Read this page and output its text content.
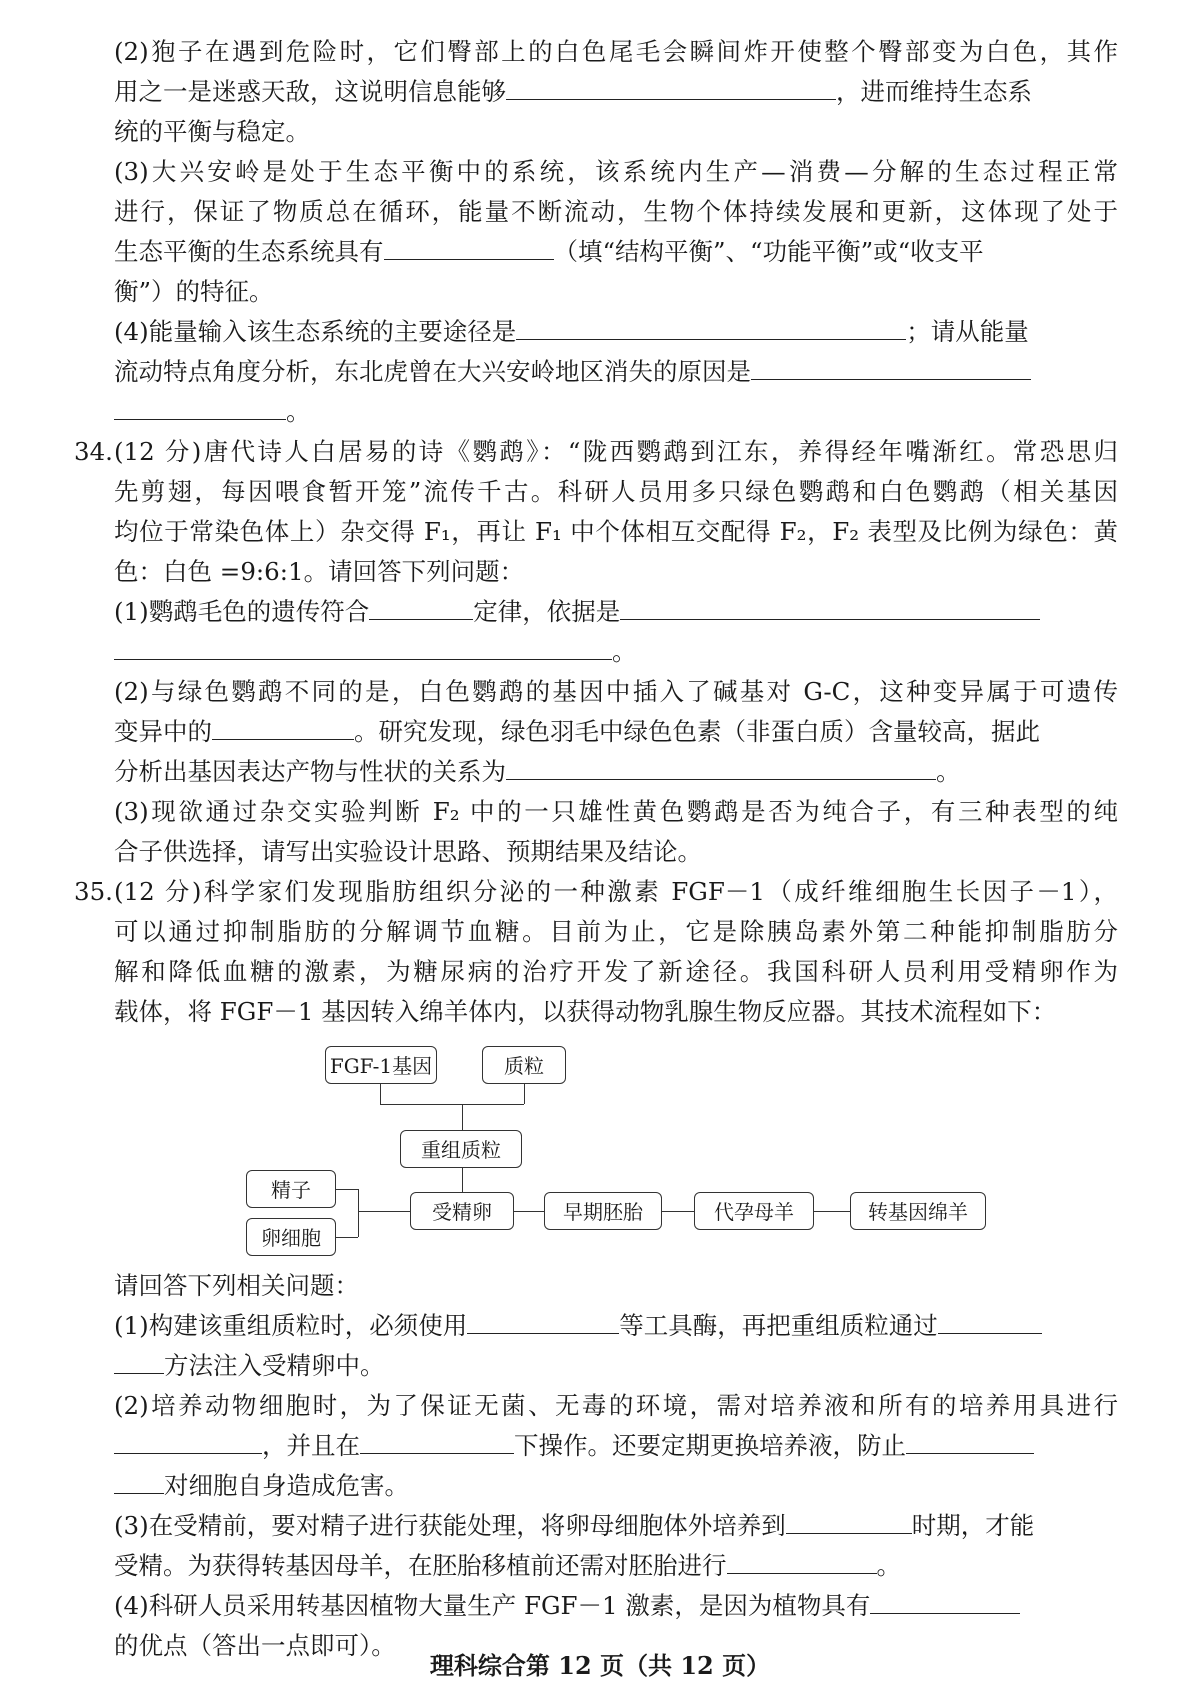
(2)狍子在遇到危险时，它们臀部上的白色尾毛会瞬间炸开使整个臀部变为白色，其作
用之一是迷惑天敌，这说明信息能够	，进而维持生态系
统的平衡与稳定。
(3)大兴安岭是处于生态平衡中的系统，该系统内生产—消费—分解的生态过程正常
进行，保证了物质总在循环，能量不断流动，生物个体持续发展和更新，这体现了处于
生态平衡的生态系统具有	（填“结构平衡”、“功能平衡”或“收支平
衡”）的特征。
(4)能量输入该生态系统的主要途径是	；请从能量
流动特点角度分析，东北虎曾在大兴安岭地区消失的原因是
。
34. (12 分)唐代诗人白居易的诗《鹦鹉》：“陇西鹦鹉到江东，养得经年嘴渐红。常恐思归
先剪翅，每因喂食暂开笼”流传千古。科研人员用多只绿色鹦鹉和白色鹦鹉（相关基因
均位于常染色体上）杂交得 F₁，再让 F₁ 中个体相互交配得 F₂，F₂ 表型及比例为绿色：黄
色：白色 =9:6:1。请回答下列问题：
(1)鹦鹉毛色的遗传符合	定律，依据是
。
(2)与绿色鹦鹉不同的是，白色鹦鹉的基因中插入了碱基对 G-C，这种变异属于可遗传
变异中的	。研究发现，绿色羽毛中绿色色素（非蛋白质）含量较高，据此
分析出基因表达产物与性状的关系为	。
(3)现欲通过杂交实验判断 F₂ 中的一只雄性黄色鹦鹉是否为纯合子，有三种表型的纯
合子供选择，请写出实验设计思路、预期结果及结论。
35. (12 分)科学家们发现脂肪组织分泌的一种激素 FGF－1（成纤维细胞生长因子－1），
可以通过抑制脂肪的分解调节血糖。目前为止，它是除胰岛素外第二种能抑制脂肪分
解和降低血糖的激素，为糖尿病的治疗开发了新途径。我国科研人员利用受精卵作为
载体，将 FGF－1 基因转入绵羊体内，以获得动物乳腺生物反应器。其技术流程如下：
FGF-1基因	质粒
重组质粒
精子
卵细胞
受精卵	早期胚胎	代孕母羊	转基因绵羊
请回答下列相关问题：
(1)构建该重组质粒时，必须使用	等工具酶，再把重组质粒通过
方法注入受精卵中。
(2)培养动物细胞时，为了保证无菌、无毒的环境，需对培养液和所有的培养用具进行
，并且在	下操作。还要定期更换培养液，防止
对细胞自身造成危害。
(3)在受精前，要对精子进行获能处理，将卵母细胞体外培养到	时期，才能
受精。为获得转基因母羊，在胚胎移植前还需对胚胎进行	。
(4)科研人员采用转基因植物大量生产 FGF－1 激素，是因为植物具有
的优点（答出一点即可）。
理科综合第 12 页（共 12 页）
